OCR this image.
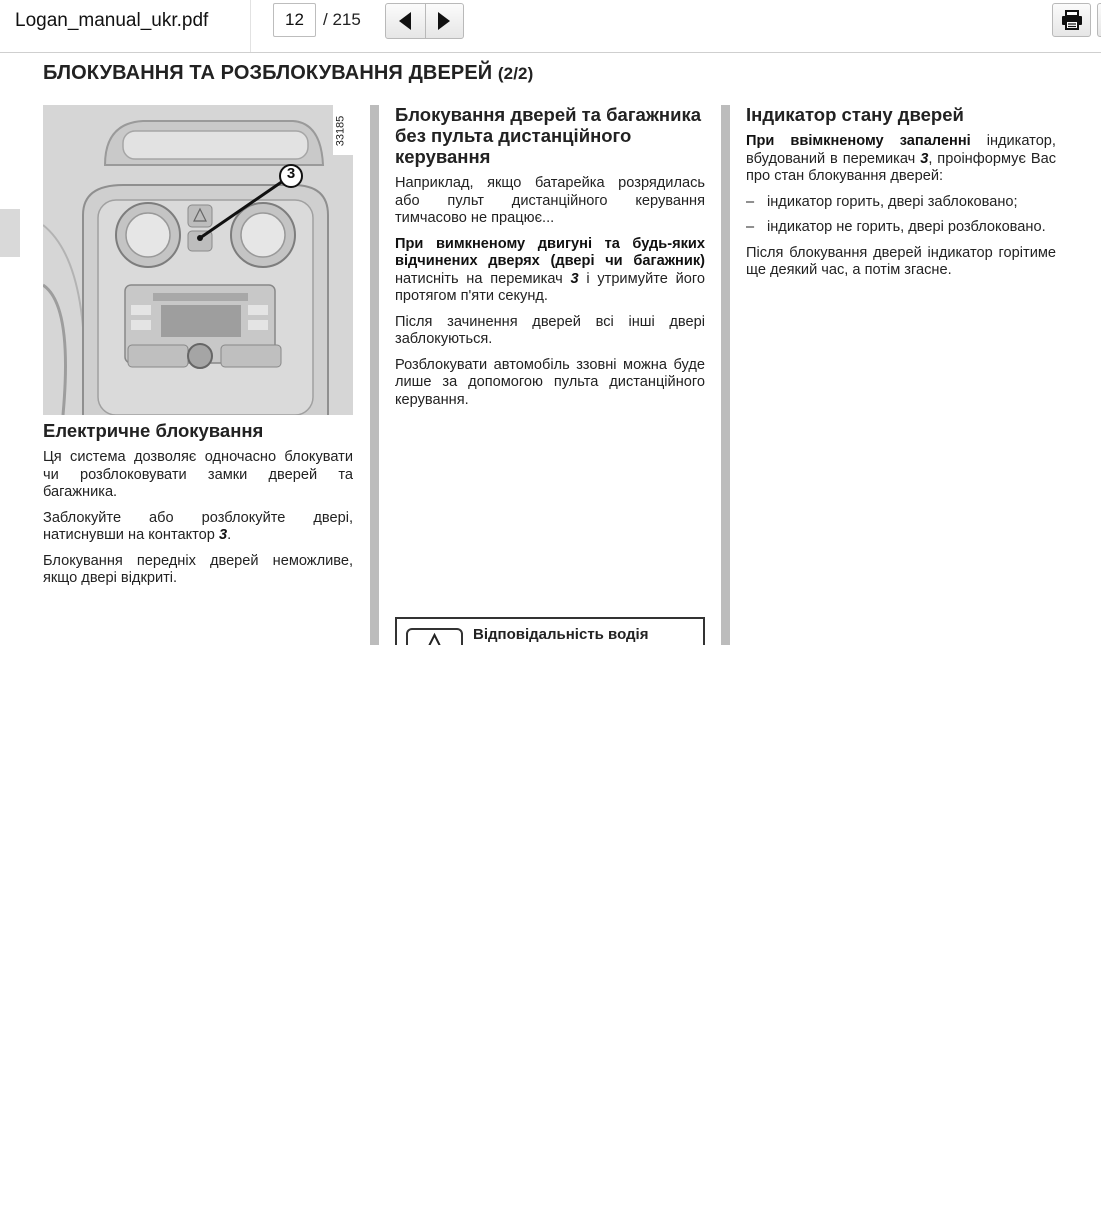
Logan_manual_ukr.pdf
12	/ 215
БЛОКУВАННЯ ТА РОЗБЛОКУВАННЯ ДВЕРЕЙ (2/2)
3
33185
Електричне блокування

Ця система дозволяє одночасно блокувати чи розблоковувати замки дверей та багажника.

Заблокуйте або розблокуйте двері, натиснувши на контактор 3.

Блокування передніх дверей неможливе, якщо двері відкриті.

Блокування дверей та багажника без пульта дистанційного керування

Наприклад, якщо батарейка розрядилась або пульт дистанційного керування тимчасово не працює...

При вимкненому двигуні та будь-яких відчинених дверях (двері чи багажник) натисніть на перемикач 3 і утримуйте його протягом п'яти секунд.

Після зачинення дверей всі інші двері заблокуються.

Розблокувати автомобіль ззовні можна буде лише за допомогою пульта дистанційного керування.

Відповідальність водія
Індикатор стану дверей

При ввімкненому запаленні індикатор, вбудований в перемикач 3, проінформує Вас про стан блокування дверей:

– індикатор горить, двері заблоковано;
– індикатор не горить, двері розблоковано.

Після блокування дверей індикатор горітиме ще деякий час, а потім згасне.
